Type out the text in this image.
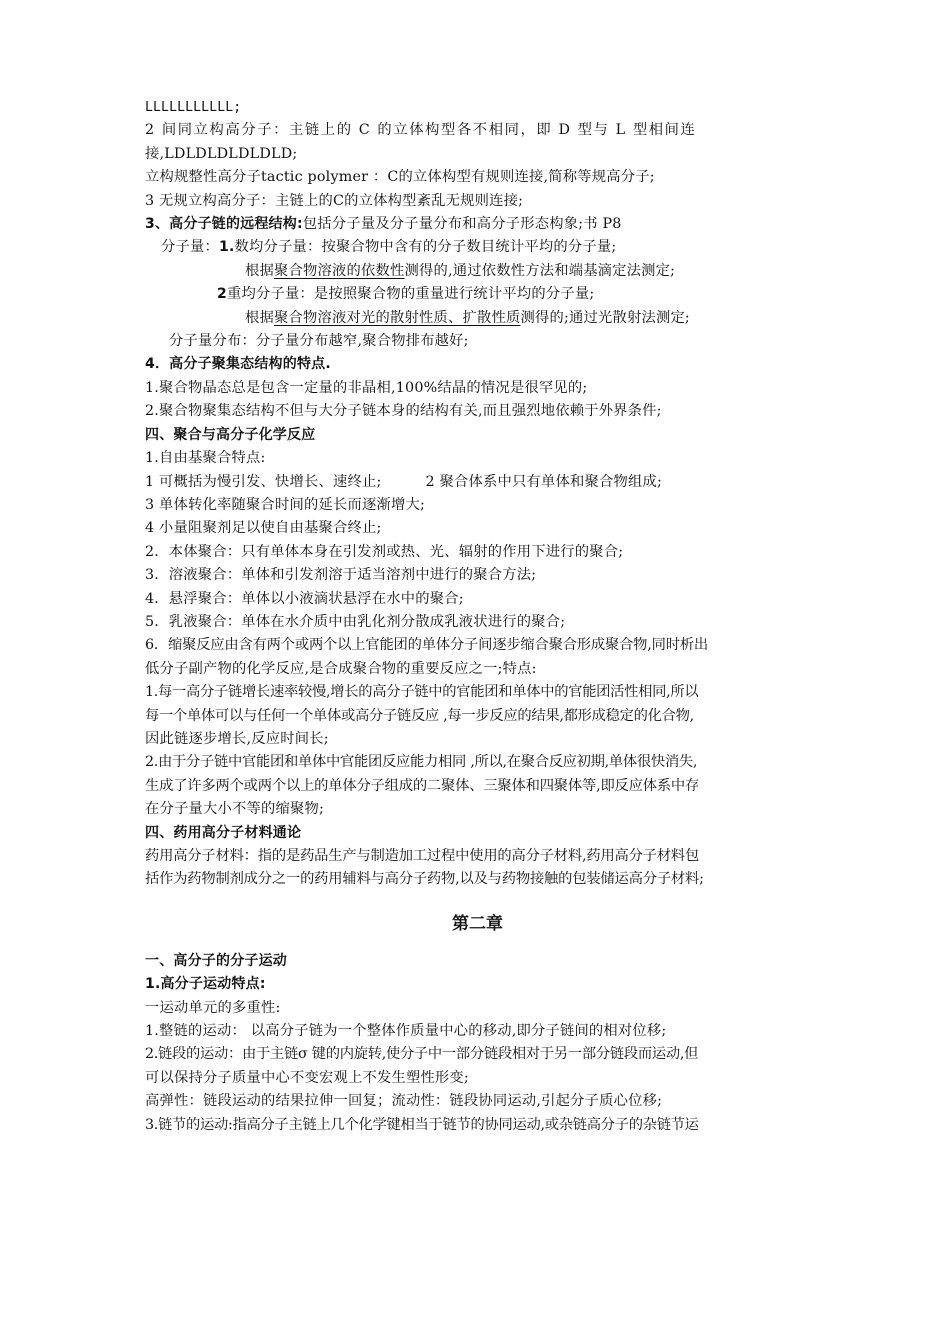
LLLLLLLLLLL;
2 间同立构高分子：主链上的 C 的立体构型各不相同，即 D 型与 L 型相间连
接,LDLDLDLDLDLD;
立构规整性高分子tactic polymer ：C的立体构型有规则连接,简称等规高分子;
3 无规立构高分子：主链上的C的立体构型紊乱无规则连接;
3、高分子链的远程结构:包括分子量及分子量分布和高分子形态构象;书 P8
分子量：1.数均分子量：按聚合物中含有的分子数目统计平均的分子量;
根据聚合物溶液的依数性测得的,通过依数性方法和端基滴定法测定;
2重均分子量：是按照聚合物的重量进行统计平均的分子量;
根据聚合物溶液对光的散射性质、扩散性质测得的;通过光散射法测定;
分子量分布：分子量分布越窄,聚合物排布越好;
4．高分子聚集态结构的特点.
1.聚合物晶态总是包含一定量的非晶相,100%结晶的情况是很罕见的;
2.聚合物聚集态结构不但与大分子链本身的结构有关,而且强烈地依赖于外界条件;
四、聚合与高分子化学反应
1.自由基聚合特点:
1 可概括为慢引发、快增长、速终止;	2 聚合体系中只有单体和聚合物组成;
3 单体转化率随聚合时间的延长而逐渐增大;
4 小量阻聚剂足以使自由基聚合终止;
2．本体聚合：只有单体本身在引发剂或热、光、辐射的作用下进行的聚合;
3．溶液聚合：单体和引发剂溶于适当溶剂中进行的聚合方法;
4．悬浮聚合：单体以小液滴状悬浮在水中的聚合;
5．乳液聚合：单体在水介质中由乳化剂分散成乳液状进行的聚合;
6．缩聚反应由含有两个或两个以上官能团的单体分子间逐步缩合聚合形成聚合物,同时析出
低分子副产物的化学反应,是合成聚合物的重要反应之一;特点:
1.每一高分子链增长速率较慢,增长的高分子链中的官能团和单体中的官能团活性相同,所以
每一个单体可以与任何一个单体或高分子链反应 ,每一步反应的结果,都形成稳定的化合物,
因此链逐步增长,反应时间长;
2.由于分子链中官能团和单体中官能团反应能力相同 ,所以,在聚合反应初期,单体很快消失,
生成了许多两个或两个以上的单体分子组成的二聚体、三聚体和四聚体等,即反应体系中存
在分子量大小不等的缩聚物;
四、药用高分子材料通论
药用高分子材料：指的是药品生产与制造加工过程中使用的高分子材料,药用高分子材料包
括作为药物制剂成分之一的药用辅料与高分子药物,以及与药物接触的包装储运高分子材料;
第二章
一、高分子的分子运动
1.高分子运动特点:
一运动单元的多重性:
1.整链的运动： 以高分子链为一个整体作质量中心的移动,即分子链间的相对位移;
2.链段的运动：由于主链σ 键的内旋转,使分子中一部分链段相对于另一部分链段而运动,但
可以保持分子质量中心不变宏观上不发生塑性形变;
高弹性：链段运动的结果拉伸一回复；流动性：链段协同运动,引起分子质心位移;
3.链节的运动:指高分子主链上几个化学键相当于链节的协同运动,或杂链高分子的杂链节运
